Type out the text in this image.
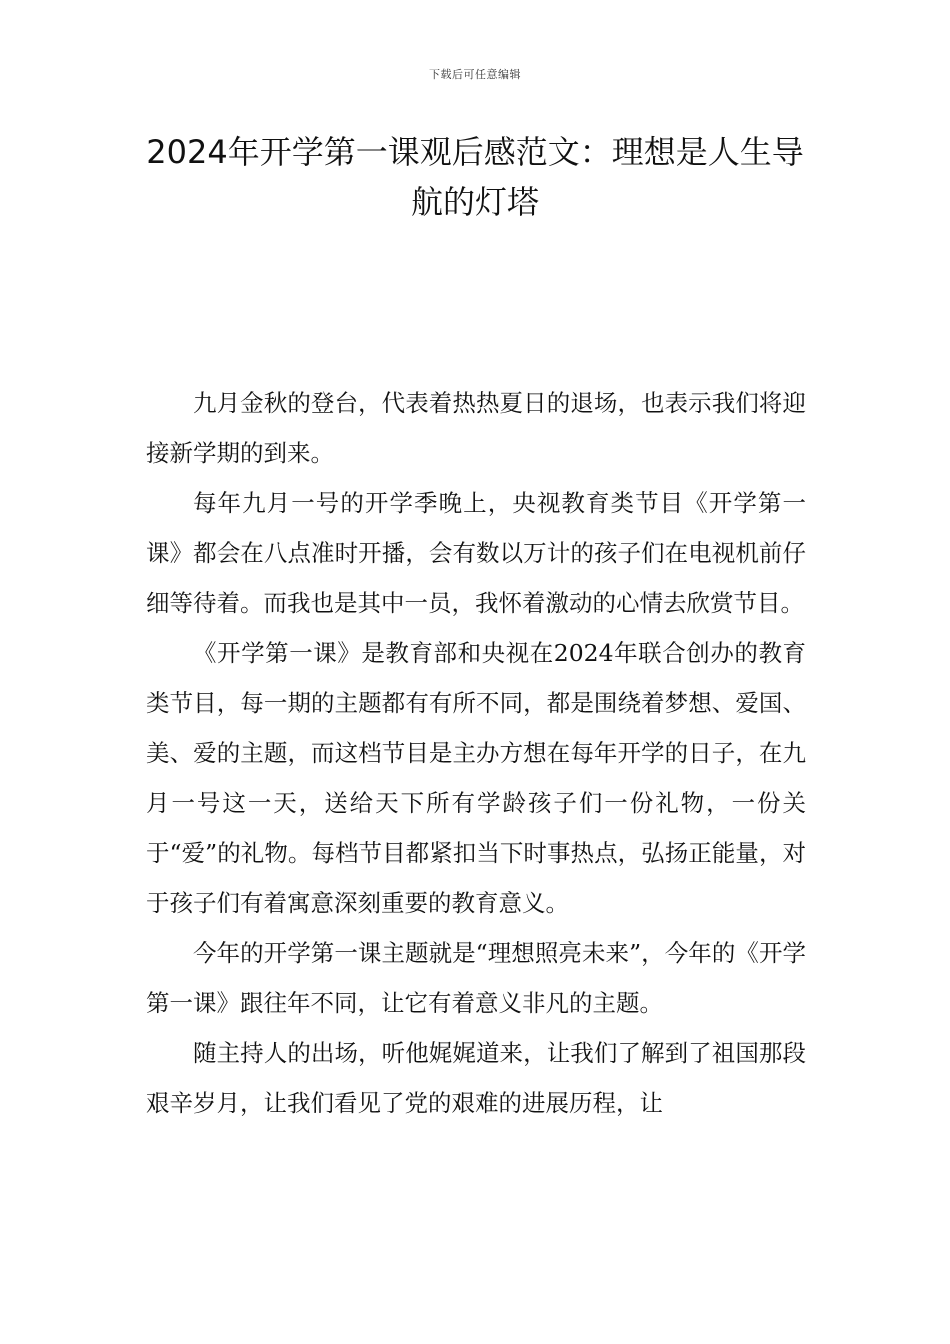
下载后可任意编辑
2024年开学第一课观后感范文：理想是人生导航的灯塔

九月金秋的登台，代表着热热夏日的退场，也表示我们将迎接新学期的到来。

每年九月一号的开学季晚上，央视教育类节目《开学第一课》都会在八点准时开播，会有数以万计的孩子们在电视机前仔细等待着。而我也是其中一员，我怀着激动的心情去欣赏节目。

《开学第一课》是教育部和央视在2024年联合创办的教育类节目，每一期的主题都有有所不同，都是围绕着梦想、爱国、美、爱的主题，而这档节目是主办方想在每年开学的日子，在九月一号这一天，送给天下所有学龄孩子们一份礼物，一份关于“爱”的礼物。每档节目都紧扣当下时事热点，弘扬正能量，对于孩子们有着寓意深刻重要的教育意义。

今年的开学第一课主题就是“理想照亮未来”，今年的《开学第一课》跟往年不同，让它有着意义非凡的主题。

随主持人的出场，听他娓娓道来，让我们了解到了祖国那段艰辛岁月，让我们看见了党的艰难的进展历程，让
